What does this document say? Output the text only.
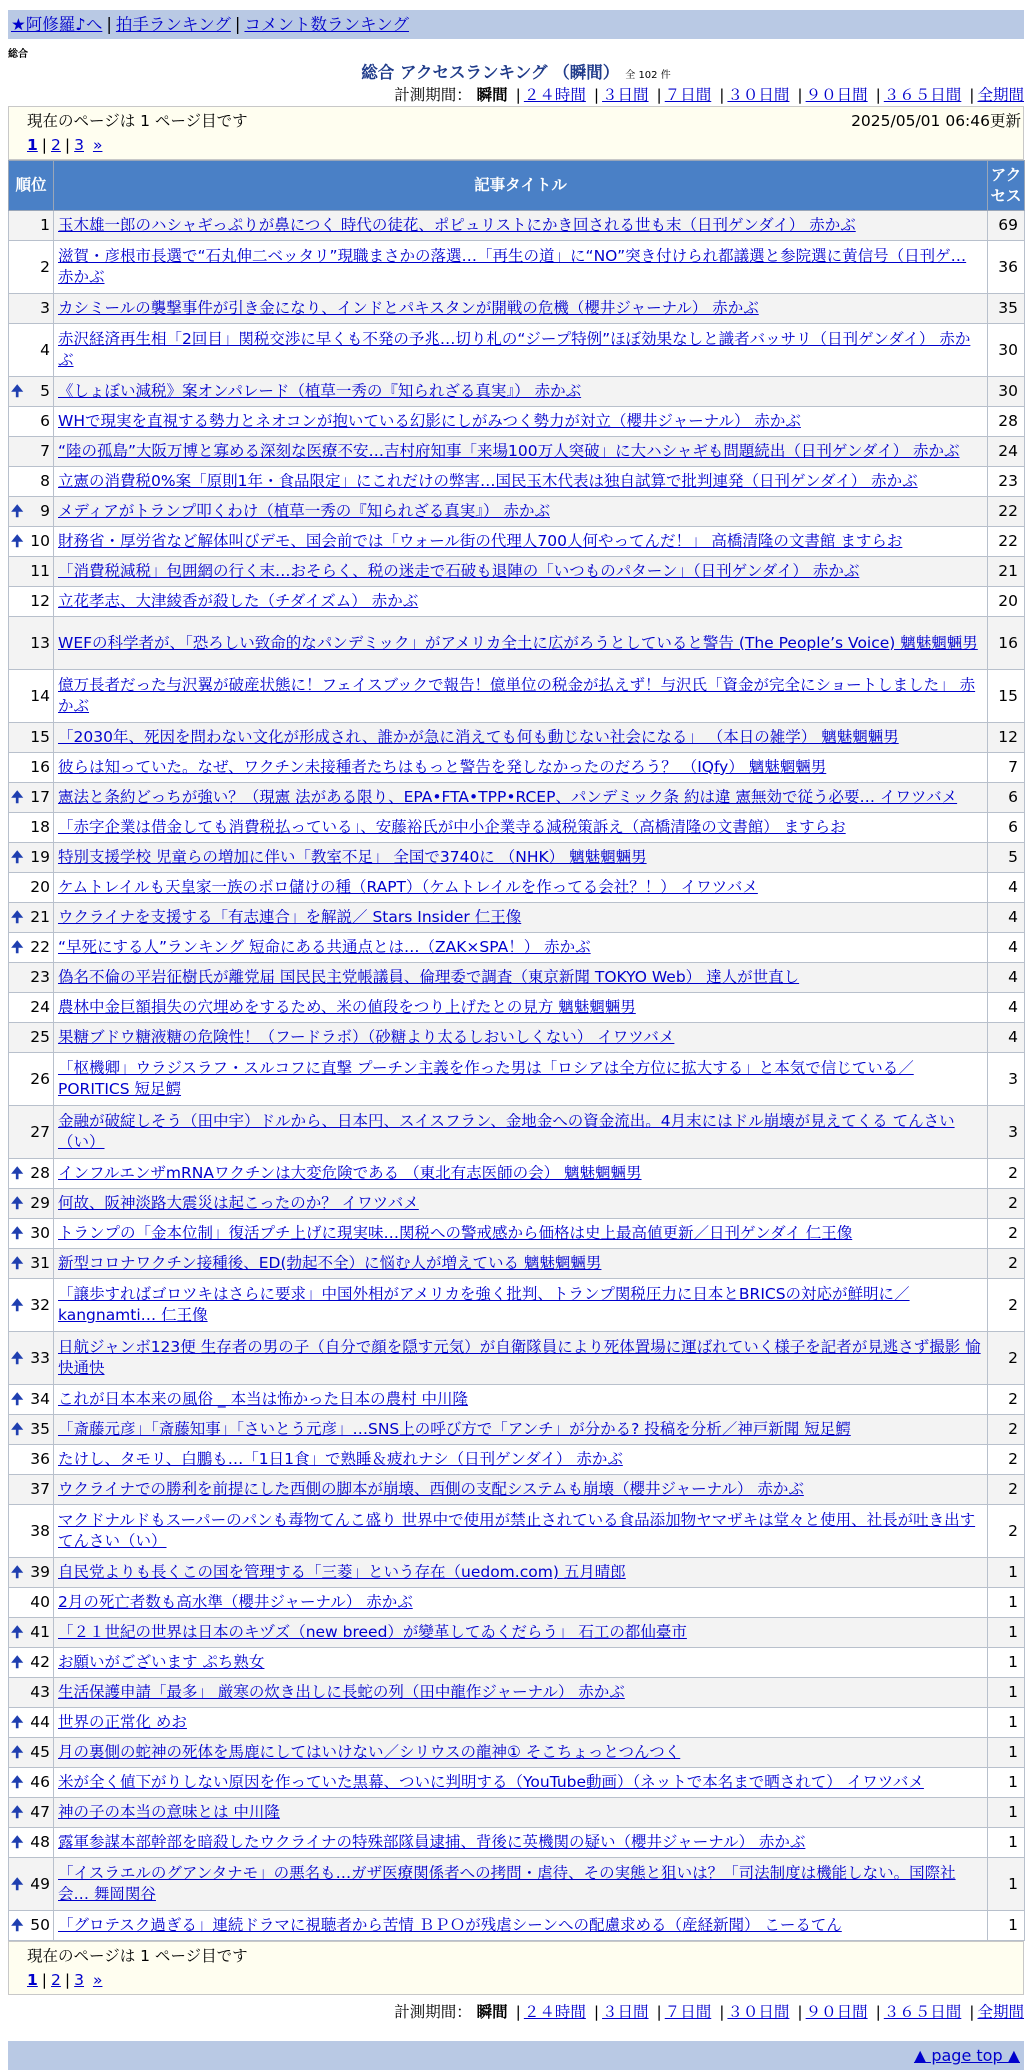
★阿修羅♪へ | 拍手ランキング | コメント数ランキング
総合
総合 アクセスランキング （瞬間） 全 102 件
計測期間： 瞬間 | ２４時間 | ３日間 | ７日間 | ３０日間 | ９０日間 | ３６５日間 | 全期間
現在のページは 1 ページ目です	2025/05/01 06:46更新
1 | 2 | 3 »
順位	記事タイトル	アクセス
1	玉木雄一郎のハシャギっぷりが鼻につく 時代の徒花、ポピュリストにかき回される世も末（日刊ゲンダイ） 赤かぶ	69
2	滋賀・彦根市長選で“石丸伸二ベッタリ”現職まさかの落選…「再生の道」に“NO”突き付けられ都議選と参院選に黄信号（日刊ゲ… 赤かぶ	36
3	カシミールの襲撃事件が引き金になり、インドとパキスタンが開戦の危機（櫻井ジャーナル） 赤かぶ	35
4	赤沢経済再生相「2回目」関税交渉に早くも不発の予兆…切り札の“ジープ特例”ほぼ効果なしと識者バッサリ（日刊ゲンダイ） 赤かぶ	30

🠉 5	《しょぼい減税》案オンパレード（植草一秀の『知られざる真実』） 赤かぶ	30
6	WHで現実を直視する勢力とネオコンが抱いている幻影にしがみつく勢力が対立（櫻井ジャーナル） 赤かぶ	28
7	“陸の孤島”大阪万博と寡める深刻な医療不安…吉村府知事「来場100万人突破」に大ハシャギも問題続出（日刊ゲンダイ） 赤かぶ	24
8	立憲の消費税0%案「原則1年・食品限定」にこれだけの弊害…国民玉木代表は独自試算で批判連発（日刊ゲンダイ） 赤かぶ	23

🠉 9	メディアがトランプ叩くわけ（植草一秀の『知られざる真実』） 赤かぶ	22

🠉 10	財務省・厚労省など解体叫びデモ、国会前では「ウォール街の代理人700人何やってんだ！」 高橋清隆の文書館 ますらお	22
11	「消費税減税」包囲網の行く末…おそらく、税の迷走で石破も退陣の「いつものパターン」（日刊ゲンダイ） 赤かぶ	21
12	立花孝志、大津綾香が殺した（チダイズム） 赤かぶ	20
13	WEFの科学者が、「恐ろしい致命的なパンデミック」がアメリカ全土に広がろうとしていると警告 (The People’s Voice) 魑魅魍魎男	16
14	億万長者だった与沢翼が破産状態に！フェイスブックで報告！億単位の税金が払えず！与沢氏「資金が完全にショートしました」 赤かぶ	15
15	「2030年、死因を問わない文化が形成され、誰かが急に消えても何も動じない社会になる」 （本日の雑学） 魑魅魍魎男	12
16	彼らは知っていた。なぜ、ワクチン未接種者たちはもっと警告を発しなかったのだろう？ （IQfy） 魑魅魍魎男	7

🠉 17	憲法と条約どっちが強い？（現憲 法がある限り、EPA•FTA•TPP•RCEP、パンデミック条 約は違 憲無効で従う必要… イワツバメ	6
18	「赤字企業は借金しても消費税払っている」、安藤裕氏が中小企業寺る減税策訴え（高橋清隆の文書館） ますらお	6

🠉 19	特別支援学校 児童らの増加に伴い「教室不足」 全国で3740に （NHK） 魑魅魍魎男	5
20	ケムトレイルも天皇家一族のボロ儲けの種（RAPT）（ケムトレイルを作ってる会社？！） イワツバメ	4

🠉 21	ウクライナを支援する「有志連合」を解説／ Stars Insider 仁王像	4

🠉 22	“早死にする人”ランキング 短命にある共通点とは…（ZAK×SPA！） 赤かぶ	4
23	偽名不倫の平岩征樹氏が離党届 国民民主党帳議員、倫理委で調査（東京新聞 TOKYO Web） 達人が世直し	4
24	農林中金巨額損失の穴埋めをするため、米の値段をつり上げたとの見方 魑魅魍魎男	4
25	果糖ブドウ糖液糖の危険性！（フードラボ）（砂糖より太るしおいしくない） イワツバメ	4
26	「枢機卿」ウラジスラフ・スルコフに直撃 プーチン主義を作った男は「ロシアは全方位に拡大する」と本気で信じている／ PORITICS 短足鰐	3
27	金融が破綻しそう（田中宇）ドルから、日本円、スイスフラン、金地金への資金流出。4月末にはドル崩壊が見えてくる てんさい（い）	3

🠉 28	インフルエンザmRNAワクチンは大変危険である （東北有志医師の会） 魑魅魍魎男	2

🠉 29	何故、阪神淡路大震災は起こったのか？ イワツバメ	2

🠉 30	トランプの「金本位制」復活プチ上げに現実味…関税への警戒感から価格は史上最高値更新／日刊ゲンダイ 仁王像	2

🠉 31	新型コロナワクチン接種後、ED(勃起不全）に悩む人が増えている 魑魅魍魎男	2

🠉 32	「譲歩すればゴロツキはさらに要求」中国外相がアメリカを強く批判、トランプ関税圧力に日本とBRICSの対応が鮮明に／ kangnamti… 仁王像	2

🠉 33	日航ジャンボ123便 生存者の男の子（自分で顔を隠す元気）が自衛隊員により死体置場に運ばれていく様子を記者が見逃さず撮影 愉快通快	2

🠉 34	これが日本本来の風俗 _ 本当は怖かった日本の農村 中川隆	2

🠉 35	「斎藤元彦」「斎藤知事」「さいとう元彦」…SNS上の呼び方で「アンチ」が分かる? 投稿を分析／神戸新聞 短足鰐	2
36	たけし、タモリ、白鵬も…「1日1食」で熟睡＆疲れナシ（日刊ゲンダイ） 赤かぶ	2
37	ウクライナでの勝利を前提にした西側の脚本が崩壊、西側の支配システムも崩壊（櫻井ジャーナル） 赤かぶ	2
38	マクドナルドもスーパーのパンも毒物てんこ盛り 世界中で使用が禁止されている食品添加物ヤマザキは堂々と使用、社長が吐き出す てんさい（い）	2

🠉 39	自民党よりも長くこの国を管理する「三菱」という存在（uedom.com) 五月晴郎	1
40	2月の死亡者数も高水準（櫻井ジャーナル） 赤かぶ	1

🠉 41	「２１世紀の世界は日本のキヅズ（new breed）が變革してゐくだらう」 石工の都仙臺市	1

🠉 42	お願いがございます ぷち熟女	1
43	生活保護申請「最多」 厳寒の炊き出しに長蛇の列（田中龍作ジャーナル） 赤かぶ	1

🠉 44	世界の正常化 めお	1

🠉 45	月の裏側の蛇神の死体を馬鹿にしてはいけない／シリウスの龍神① そこちょっとつんつく	1

🠉 46	米が全く値下がりしない原因を作っていた黒幕、ついに判明する（YouTube動画）（ネットで本名まで晒されて） イワツバメ	1

🠉 47	神の子の本当の意味とは 中川隆	1

🠉 48	露軍参謀本部幹部を暗殺したウクライナの特殊部隊員逮捕、背後に英機関の疑い（櫻井ジャーナル） 赤かぶ	1

🠉 49	「イスラエルのグアンタナモ」の悪名も…ガザ医療関係者への拷問・虐待、その実態と狙いは？「司法制度は機能しない。国際社会… 舞岡関谷	1

🠉 50	「グロテスク過ぎる」連続ドラマに視聴者から苦情 ＢＰＯが残虐シーンへの配慮求める（産経新聞） こーるてん	1
現在のページは 1 ページ目です
1 | 2 | 3 »
計測期間： 瞬間 | ２４時間 | ３日間 | ７日間 | ３０日間 | ９０日間 | ３６５日間 | 全期間
▲ page top ▲
